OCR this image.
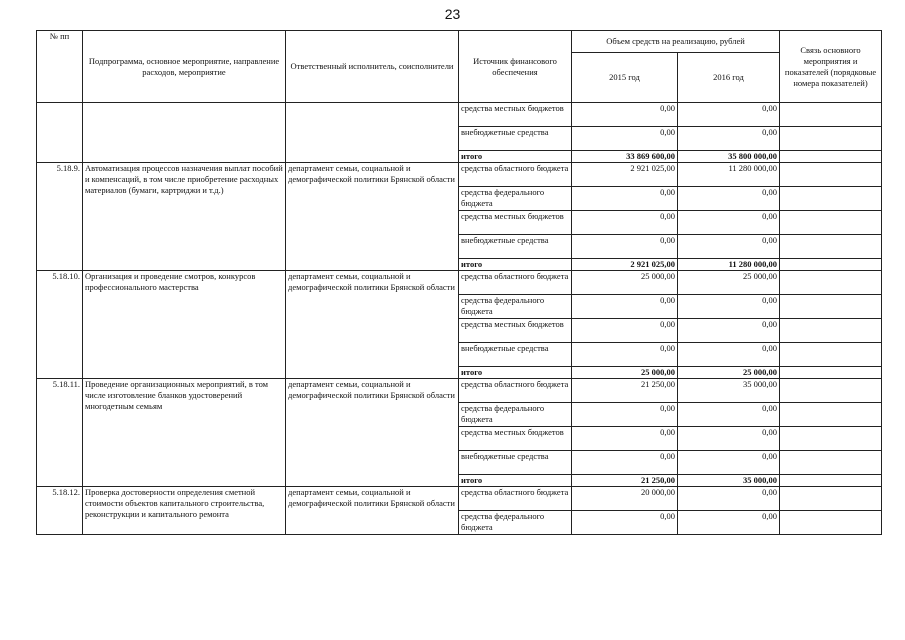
23
№ пп	Подпрограмма, основное мероприятие, направление расходов, мероприятие	Ответственный исполнитель, соисполнители	Источник финансового обеспечения	Объем средств на реализацию, рублей		Связь основного мероприятия и показателей (порядковые номера показателей)
				2015 год	2016 год	
			средства местных бюджетов	0,00	0,00	
			внебюджетные средства	0,00	0,00	
			итого	33 869 600,00	35 800 000,00	
5.18.9.	Автоматизация процессов назначения выплат пособий и компенсаций, в том числе приобретение расходных материалов (бумаги, картриджи и т.д.)	департамент семьи, социальной и демографической политики Брянской области	средства областного бюджета	2 921 025,00	11 280 000,00	
			средства федерального бюджета	0,00	0,00	
			средства местных бюджетов	0,00	0,00	
			внебюджетные средства	0,00	0,00	
			итого	2 921 025,00	11 280 000,00	
5.18.10.	Организация и проведение смотров, конкурсов профессионального мастерства	департамент семьи, социальной и демографической политики Брянской области	средства областного бюджета	25 000,00	25 000,00	
			средства федерального бюджета	0,00	0,00	
			средства местных бюджетов	0,00	0,00	
			внебюджетные средства	0,00	0,00	
			итого	25 000,00	25 000,00	
5.18.11.	Проведение организационных мероприятий, в том числе изготовление бланков удостоверений многодетным семьям	департамент семьи, социальной и демографической политики Брянской области	средства областного бюджета	21 250,00	35 000,00	
			средства федерального бюджета	0,00	0,00	
			средства местных бюджетов	0,00	0,00	
			внебюджетные средства	0,00	0,00	
			итого	21 250,00	35 000,00	
5.18.12.	Проверка достоверности определения сметной стоимости объектов капитального строительства, реконструкции и капитального ремонта	департамент семьи, социальной и демографической политики Брянской области	средства областного бюджета	20 000,00	0,00	
			средства федерального бюджета	0,00	0,00	
